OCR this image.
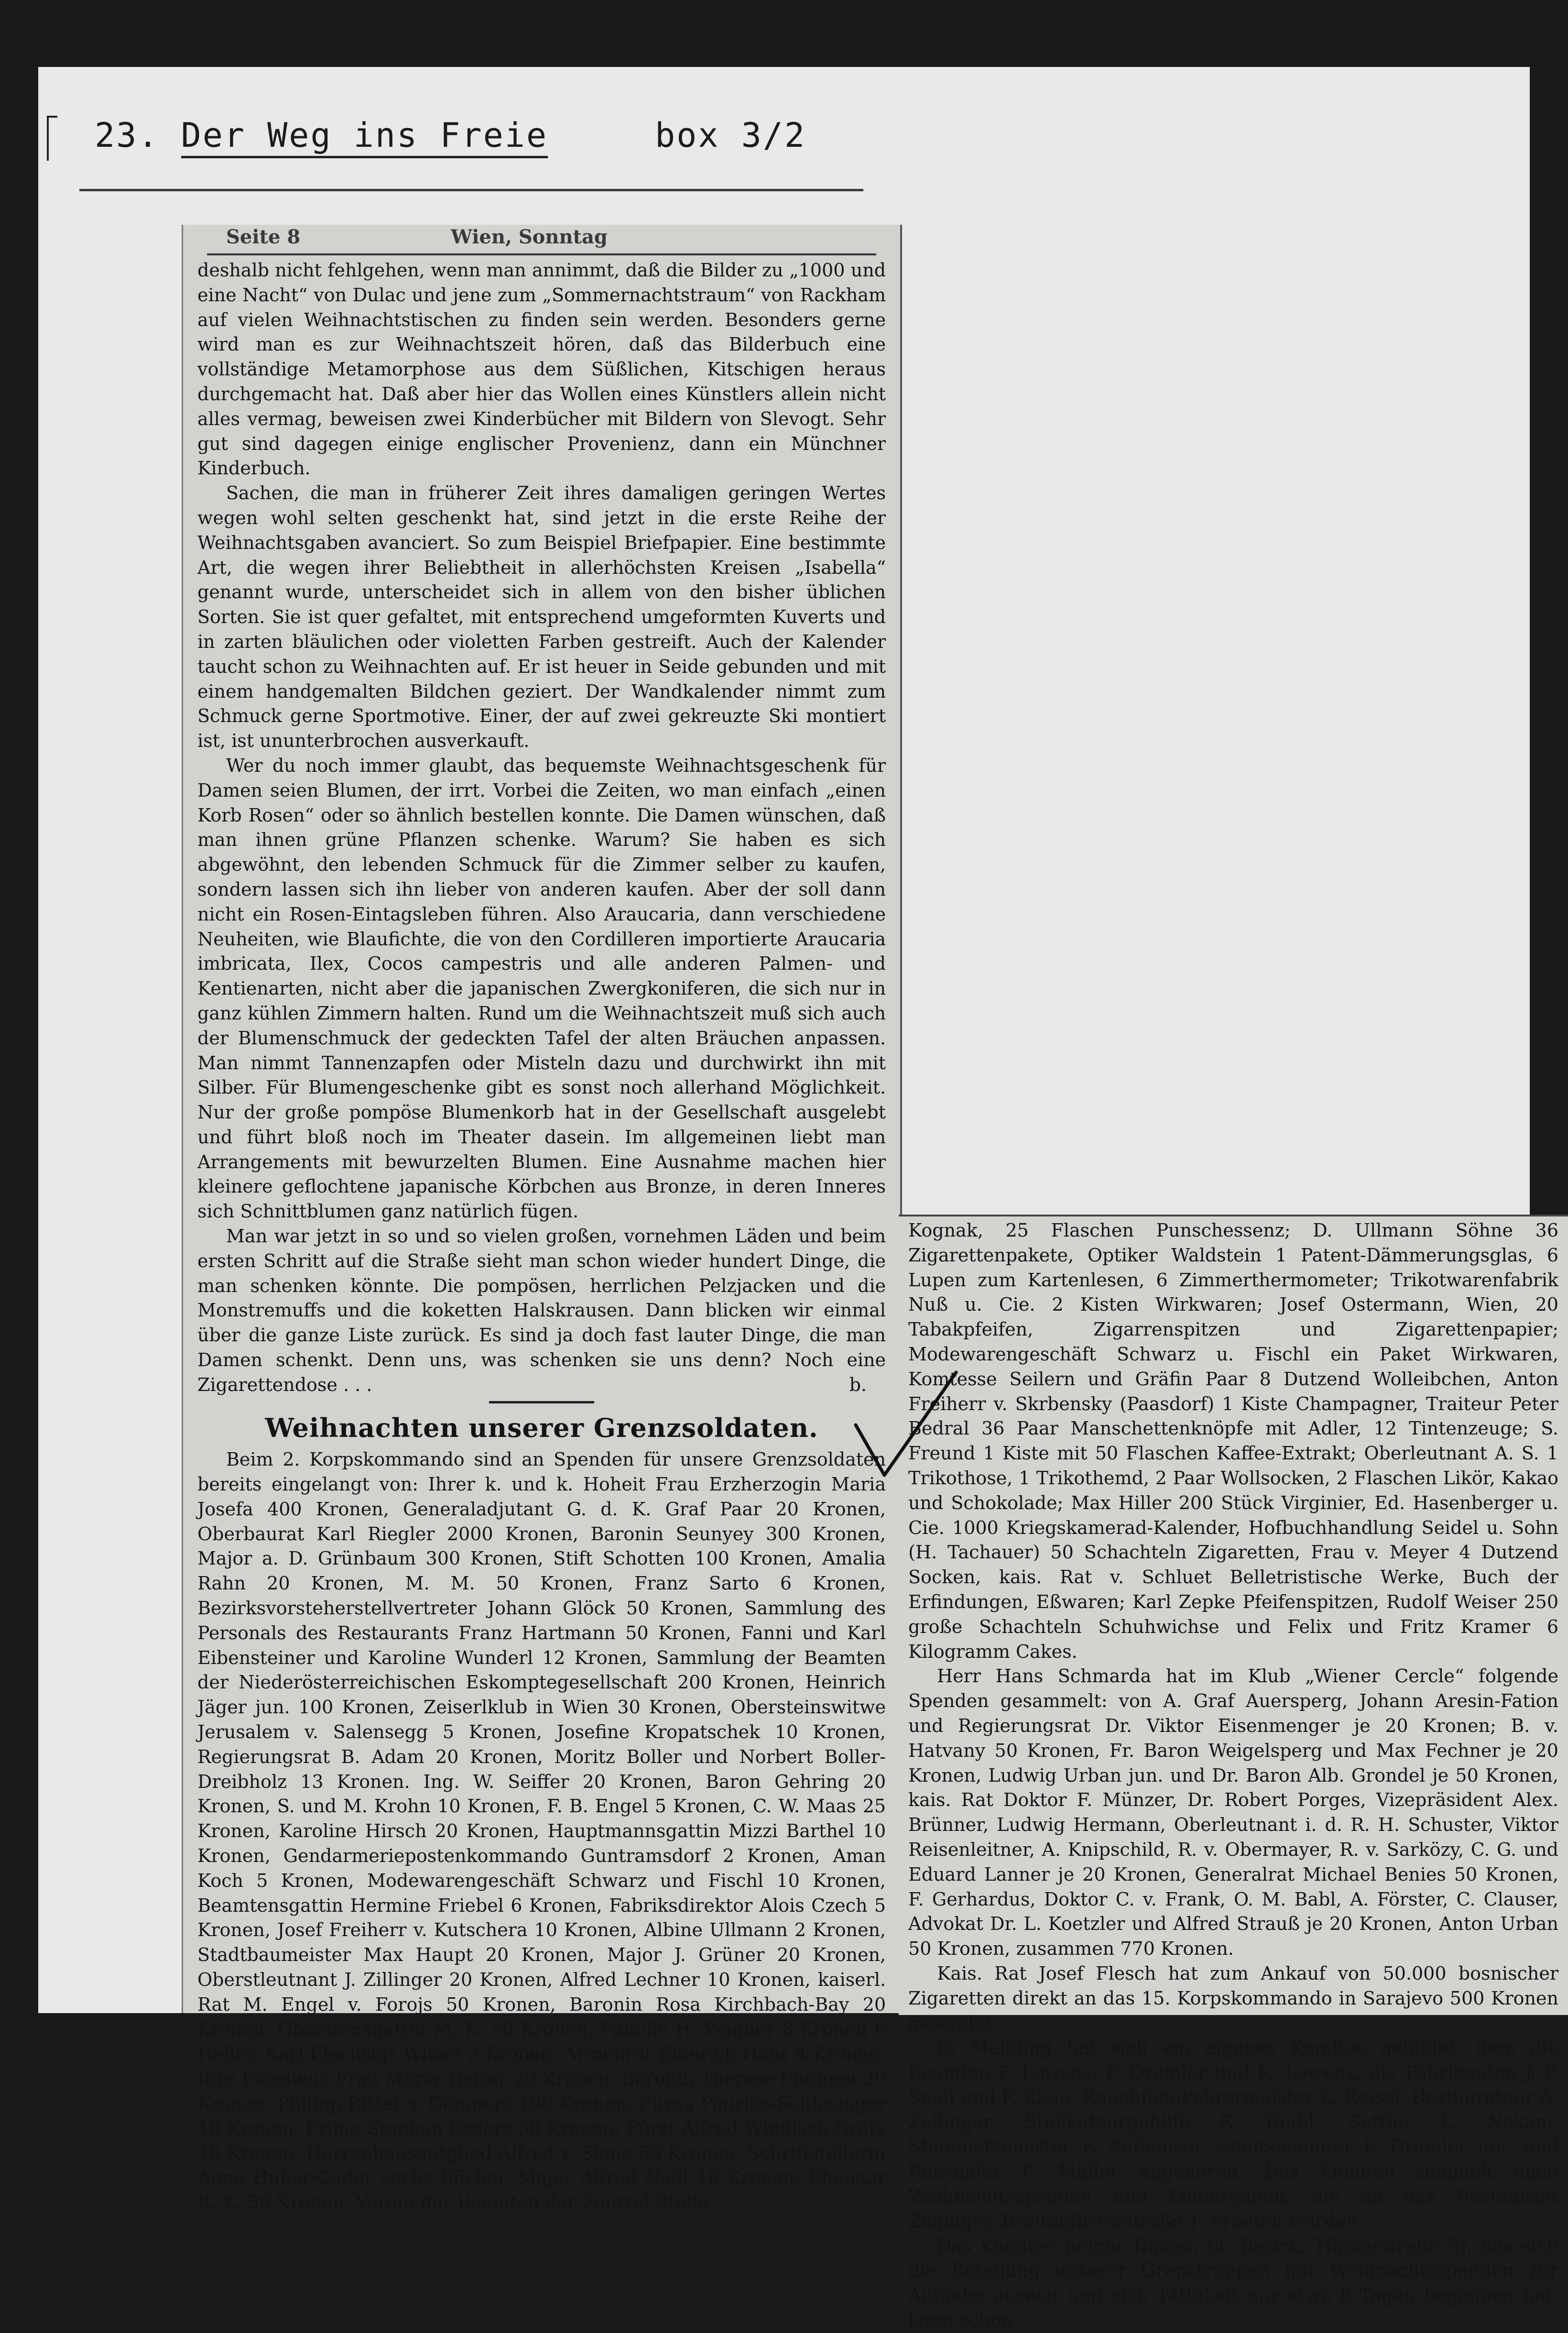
23. Der Weg ins Freie	box 3/2
Seite 8	Wien, Sonntag

deshalb nicht fehlgehen, wenn man annimmt, daß die Bilder zu „1000 und eine Nacht“ von Dulac und jene zum „Sommernachtstraum“ von Rackham auf vielen Weihnachtstischen zu finden sein werden. Besonders gerne wird man es zur Weihnachtszeit hören, daß das Bilderbuch eine vollständige Metamorphose aus dem Süßlichen, Kitschigen heraus durchgemacht hat. Daß aber hier das Wollen eines Künstlers allein nicht alles vermag, beweisen zwei Kinderbücher mit Bildern von Slevogt. Sehr gut sind dagegen einige englischer Provenienz, dann ein Münchner Kinderbuch.

Sachen, die man in früherer Zeit ihres damaligen geringen Wertes wegen wohl selten geschenkt hat, sind jetzt in die erste Reihe der Weihnachtsgaben avanciert. So zum Beispiel Briefpapier. Eine bestimmte Art, die wegen ihrer Beliebtheit in allerhöchsten Kreisen „Isabella“ genannt wurde, unterscheidet sich in allem von den bisher üblichen Sorten. Sie ist quer gefaltet, mit entsprechend umgeformten Kuverts und in zarten bläulichen oder violetten Farben gestreift. Auch der Kalender taucht schon zu Weihnachten auf. Er ist heuer in Seide gebunden und mit einem handgemalten Bildchen geziert. Der Wandkalender nimmt zum Schmuck gerne Sportmotive. Einer, der auf zwei gekreuzte Ski montiert ist, ist ununterbrochen ausverkauft.

Wer du noch immer glaubt, das bequemste Weihnachtsgeschenk für Damen seien Blumen, der irrt. Vorbei die Zeiten, wo man einfach „einen Korb Rosen“ oder so ähnlich bestellen konnte. Die Damen wünschen, daß man ihnen grüne Pflanzen schenke. Warum? Sie haben es sich abgewöhnt, den lebenden Schmuck für die Zimmer selber zu kaufen, sondern lassen sich ihn lieber von anderen kaufen. Aber der soll dann nicht ein Rosen-Eintagsleben führen. Also Araucaria, dann verschiedene Neuheiten, wie Blaufichte, die von den Cordilleren importierte Araucaria imbricata, Ilex, Cocos campestris und alle anderen Palmen- und Kentienarten, nicht aber die japanischen Zwergkoniferen, die sich nur in ganz kühlen Zimmern halten. Rund um die Weihnachtszeit muß sich auch der Blumenschmuck der gedeckten Tafel der alten Bräuchen anpassen. Man nimmt Tannenzapfen oder Misteln dazu und durchwirkt ihn mit Silber. Für Blumengeschenke gibt es sonst noch allerhand Möglichkeit. Nur der große pompöse Blumenkorb hat in der Gesellschaft ausgelebt und führt bloß noch im Theater dasein. Im allgemeinen liebt man Arrangements mit bewurzelten Blumen. Eine Ausnahme machen hier kleinere geflochtene japanische Körbchen aus Bronze, in deren Inneres sich Schnittblumen ganz natürlich fügen.

Man war jetzt in so und so vielen großen, vornehmen Läden und beim ersten Schritt auf die Straße sieht man schon wieder hundert Dinge, die man schenken könnte. Die pompösen, herrlichen Pelzjacken und die Monstremuffs und die koketten Halskrausen. Dann blicken wir einmal über die ganze Liste zurück. Es sind ja doch fast lauter Dinge, die man Damen schenkt. Denn uns, was schenken sie uns denn? Noch eine Zigarettendose . . .	b.

Weihnachten unserer Grenzsoldaten.

Beim 2. Korpskommando sind an Spenden für unsere Grenzsoldaten bereits eingelangt von: Ihrer k. und k. Hoheit Frau Erzherzogin Maria Josefa 400 Kronen, Generaladjutant G. d. K. Graf Paar 20 Kronen, Oberbaurat Karl Riegler 2000 Kronen, Baronin Seunyey 300 Kronen, Major a. D. Grünbaum 300 Kronen, Stift Schotten 100 Kronen, Amalia Rahn 20 Kronen, M. M. 50 Kronen, Franz Sarto 6 Kronen, Bezirksvorsteherstellvertreter Johann Glöck 50 Kronen, Sammlung des Personals des Restaurants Franz Hartmann 50 Kronen, Fanni und Karl Eibensteiner und Karoline Wunderl 12 Kronen, Sammlung der Beamten der Niederösterreichischen Eskomptegesellschaft 200 Kronen, Heinrich Jäger jun. 100 Kronen, Zeiserlklub in Wien 30 Kronen, Obersteinswitwe Jerusalem v. Salensegg 5 Kronen, Josefine Kropatschek 10 Kronen, Regierungsrat B. Adam 20 Kronen, Moritz Boller und Norbert Boller-Dreibholz 13 Kronen. Ing. W. Seiffer 20 Kronen, Baron Gehring 20 Kronen, S. und M. Krohn 10 Kronen, F. B. Engel 5 Kronen, C. W. Maas 25 Kronen, Karoline Hirsch 20 Kronen, Hauptmannsgattin Mizzi Barthel 10 Kronen, Gendarmeriepostenkommando Guntramsdorf 2 Kronen, Aman Koch 5 Kronen, Modewarengeschäft Schwarz und Fischl 10 Kronen, Beamtensgattin Hermine Friebel 6 Kronen, Fabriksdirektor Alois Czech 5 Kronen, Josef Freiherr v. Kutschera 10 Kronen, Albine Ullmann 2 Kronen, Stadtbaumeister Max Haupt 20 Kronen, Major J. Grüner 20 Kronen, Oberstleutnant J. Zillinger 20 Kronen, Alfred Lechner 10 Kronen, kaiserl. Rat M. Engel v. Forojs 50 Kronen, Baronin Rosa Kirchbach-Bay 20 Kronen, Oberstensgattin M. K. 50 Kronen, Familie H. Wagner 8 Kronen 6 Heller, Karl Flechsigs Witwe 2 Kronen, Armenrat Emerich Haas 4 Kronen, Ihre Exzellenz Frau Maria Tislsar 20 Kronen, Baronin Therese Pfungen 20 Kronen, Philipp Ritter v. Gomperz 100 Kronen, Firma Paprika-Schlesinger 10 Kronen, Frima Stephan Esders 50 Kronen, Fürst Alfred Windisch-Grätz 40 Kronen, Herrenhausmitglied Alfred v. Slene 50 Kronen, Schriftstellerin Anna Huber-Cador sechs Bücher, Major Alfred Nedl 10 Kronen, Ehepaar R. K. 50 Kronen, Verein der Beamten der Zentral-Stelle

Kognak, 25 Flaschen Punschessenz; D. Ullmann Söhne 36 Zigarettenpakete, Optiker Waldstein 1 Patent-Dämmerungsglas, 6 Lupen zum Kartenlesen, 6 Zimmerthermometer; Trikotwarenfabrik Nuß u. Cie. 2 Kisten Wirkwaren; Josef Ostermann, Wien, 20 Tabakpfeifen, Zigarrenspitzen und Zigarettenpapier; Modewarengeschäft Schwarz u. Fischl ein Paket Wirkwaren, Komtesse Seilern und Gräfin Paar 8 Dutzend Wolleibchen, Anton Freiherr v. Skrbensky (Paasdorf) 1 Kiste Champagner, Traiteur Peter Bedral 36 Paar Manschettenknöpfe mit Adler, 12 Tintenzeuge; S. Freund 1 Kiste mit 50 Flaschen Kaffee-Extrakt; Oberleutnant A. S. 1 Trikothose, 1 Trikothemd, 2 Paar Wollsocken, 2 Flaschen Likör, Kakao und Schokolade; Max Hiller 200 Stück Virginier, Ed. Hasenberger u. Cie. 1000 Kriegskamerad-Kalender, Hofbuchhandlung Seidel u. Sohn (H. Tachauer) 50 Schachteln Zigaretten, Frau v. Meyer 4 Dutzend Socken, kais. Rat v. Schluet Belletristische Werke, Buch der Erfindungen, Eßwaren; Karl Zepke Pfeifenspitzen, Rudolf Weiser 250 große Schachteln Schuhwichse und Felix und Fritz Kramer 6 Kilogramm Cakes.

Herr Hans Schmarda hat im Klub „Wiener Cercle“ folgende Spenden gesammelt: von A. Graf Auersperg, Johann Aresin-Fation und Regierungsrat Dr. Viktor Eisenmenger je 20 Kronen; B. v. Hatvany 50 Kronen, Fr. Baron Weigelsperg und Max Fechner je 20 Kronen, Ludwig Urban jun. und Dr. Baron Alb. Grondel je 50 Kronen, kais. Rat Doktor F. Münzer, Dr. Robert Porges, Vizepräsident Alex. Brünner, Ludwig Hermann, Oberleutnant i. d. R. H. Schuster, Viktor Reisenleitner, A. Knipschild, R. v. Obermayer, R. v. Sarközy, C. G. und Eduard Lanner je 20 Kronen, Generalrat Michael Benies 50 Kronen, F. Gerhardus, Doktor C. v. Frank, O. M. Babl, A. Förster, C. Clauser, Advokat Dr. L. Koetzler und Alfred Strauß je 20 Kronen, Anton Urban 50 Kronen, zusammen 770 Kronen.

Kais. Rat Josef Flesch hat zum Ankauf von 50.000 bosnischer Zigaretten direkt an das 15. Korpskommando in Sarajevo 500 Kronen gesendet.

In Meidling hat sich ein eigenes Komitee gebildet, dem die Beamten F. Lowenz, F. Drumler und K. Lowenz, die Fabrikanten J. P. Seidl und F. Klein, Rauchfangkehrermeister K. Reisel, Restaurateur A. Zeilinger, Stukkateurgehilfe F. Täubl, Sattler L. Nekam, Steinmetzmeister F. Aufhauser, Staatsbeamter F. Drumler jun. und Reisender F. Müller angehören. Das Komitee sammelt auch Weihnachtsspenden und Liebesgaben, die an das Restaurant Zeilinger, Breitenfurterstraße 1, erbeten werden.

Das Komitee junger Damen (4. Bezirk, Tilgnerstraße 5), das sich die Beteilung unserer Grenztruppen mit Weihnachtsspenden zur Aufgabe gesetzt und sich Tätigkeit nur etwa 8 Tagen begonnen hat, kann schon
